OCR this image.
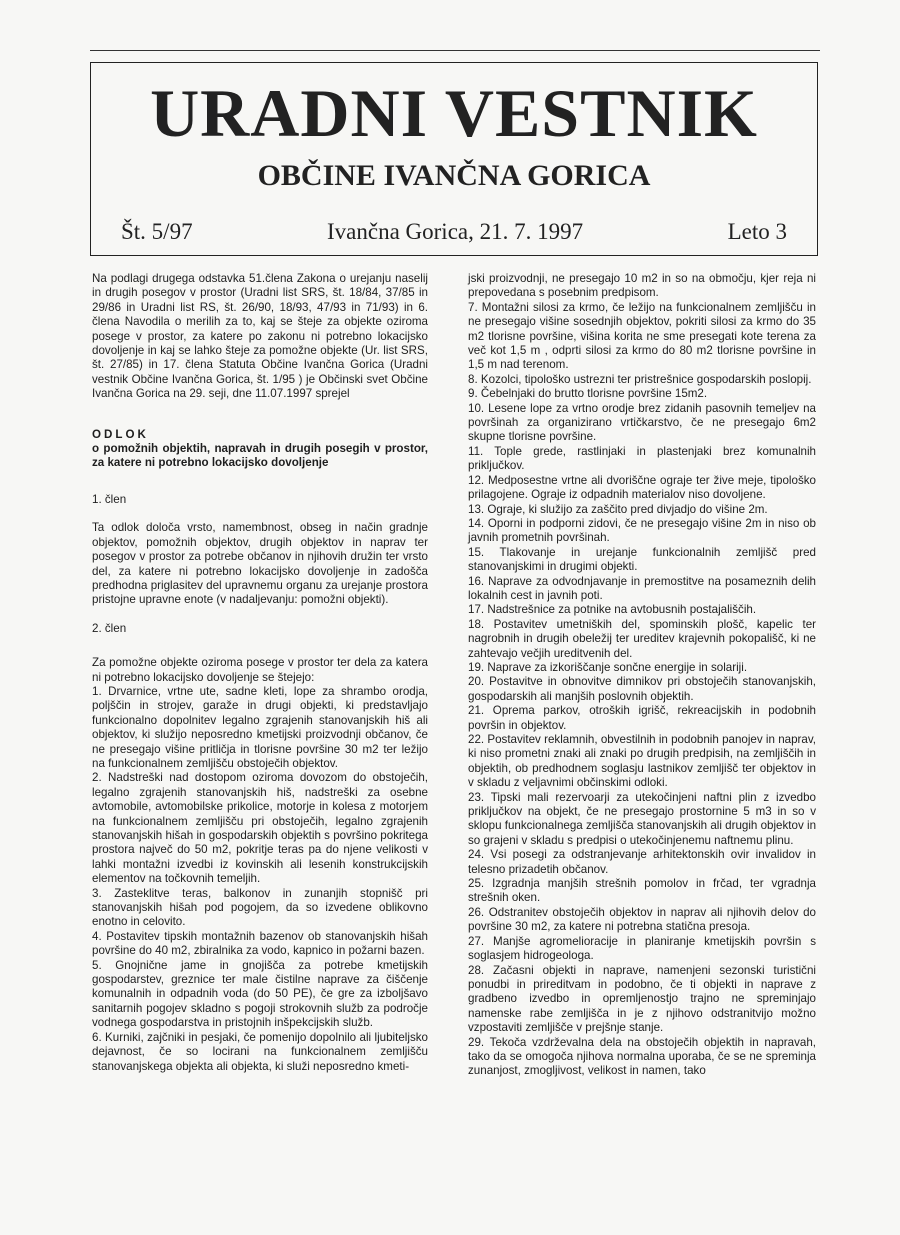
URADNI VESTNIK
OBČINE IVANČNA GORICA
Št. 5/97	Ivančna Gorica, 21. 7. 1997	Leto 3

Na podlagi drugega odstavka 51.člena Zakona o urejanju naselij in drugih posegov v prostor (Uradni list SRS, št. 18/84, 37/85 in 29/86 in Uradni list RS, št. 26/90, 18/93, 47/93 in 71/93) in 6. člena Navodila o merilih za to, kaj se šteje za objekte oziroma posege v prostor, za katere po zakonu ni potrebno lokacijsko dovoljenje in kaj se lahko šteje za pomožne objekte (Ur. list SRS, št. 27/85) in 17. člena Statuta Občine Ivančna Gorica (Uradni vestnik Občine Ivančna Gorica, št. 1/95 ) je Občinski svet Občine Ivančna Gorica na 29. seji, dne 11.07.1997 sprejel

ODLOK

o pomožnih objektih, napravah in drugih posegih v prostor, za katere ni potrebno lokacijsko dovoljenje

1. člen

Ta odlok določa vrsto, namembnost, obseg in način gradnje objektov, pomožnih objektov, drugih objektov in naprav ter posegov v prostor za potrebe občanov in njihovih družin ter vrsto del, za katere ni potrebno lokacijsko dovoljenje in zadošča predhodna priglasitev del upravnemu organu za urejanje prostora pristojne upravne enote (v nadaljevanju: pomožni objekti).

2. člen

Za pomožne objekte oziroma posege v prostor ter dela za katera ni potrebno lokacijsko dovoljenje se štejejo:

1. Drvarnice, vrtne ute, sadne kleti, lope za shrambo orodja, poljščin in strojev, garaže in drugi objekti, ki predstavljajo funkcionalno dopolnitev legalno zgrajenih stanovanjskih hiš ali objektov, ki služijo neposredno kmetijski proizvodnji občanov, če ne presegajo višine pritličja in tlorisne površine 30 m2 ter ležijo na funkcionalnem zemljišču obstoječih objektov.

2. Nadstreški nad dostopom oziroma dovozom do obstoječih, legalno zgrajenih stanovanjskih hiš, nadstreški za osebne avtomobile, avtomobilske prikolice, motorje in kolesa z motorjem na funkcionalnem zemljišču pri obstoječih, legalno zgrajenih stanovanjskih hišah in gospodarskih objektih s površino pokritega prostora največ do 50 m2, pokritje teras pa do njene velikosti v lahki montažni izvedbi iz kovinskih ali lesenih konstrukcijskih elementov na točkovnih temeljih.

3. Zasteklitve teras, balkonov in zunanjih stopnišč pri stanovanjskih hišah pod pogojem, da so izvedene oblikovno enotno in celovito.

4. Postavitev tipskih montažnih bazenov ob stanovanjskih hišah površine do 40 m2, zbiralnika za vodo, kapnico in požarni bazen.

5. Gnojnične jame in gnojišča za potrebe kmetijskih gospodarstev, greznice ter male čistilne naprave za čiščenje komunalnih in odpadnih voda (do 50 PE), če gre za izboljšavo sanitarnih pogojev skladno s pogoji strokovnih služb za področje vodnega gospodarstva in pristojnih inšpekcijskih služb.

6. Kurniki, zajčniki in pesjaki, če pomenijo dopolnilo ali ljubiteljsko dejavnost, če so locirani na funkcionalnem zemljišču stanovanjskega objekta ali objekta, ki služi neposredno kmeti-

jski proizvodnji, ne presegajo 10 m2 in so na območju, kjer reja ni prepovedana s posebnim predpisom.

7. Montažni silosi za krmo, če ležijo na funkcionalnem zemljišču in ne presegajo višine sosednjih objektov, pokriti silosi za krmo do 35 m2 tlorisne površine, višina korita ne sme presegati kote terena za več kot 1,5 m , odprti silosi za krmo do 80 m2 tlorisne površine in 1,5 m nad terenom.

8. Kozolci, tipološko ustrezni ter pristrešnice gospodarskih poslopij.

9. Čebelnjaki do brutto tlorisne površine 15m2.

10. Lesene lope za vrtno orodje brez zidanih pasovnih temeljev na površinah za organizirano vrtičkarstvo, če ne presegajo 6m2 skupne tlorisne površine.

11. Tople grede, rastlinjaki in plastenjaki brez komunalnih priključkov.

12. Medposestne vrtne ali dvoriščne ograje ter žive meje, tipološko prilagojene. Ograje iz odpadnih materialov niso dovoljene.

13. Ograje, ki služijo za zaščito pred divjadjo do višine 2m.

14. Oporni in podporni zidovi, če ne presegajo višine 2m in niso ob javnih prometnih površinah.

15. Tlakovanje in urejanje funkcionalnih zemljišč pred stanovanjskimi in drugimi objekti.

16. Naprave za odvodnjavanje in premostitve na posameznih delih lokalnih cest in javnih poti.

17. Nadstrešnice za potnike na avtobusnih postajališčih.

18. Postavitev umetniških del, spominskih plošč, kapelic ter nagrobnih in drugih obeležij ter ureditev krajevnih pokopališč, ki ne zahtevajo večjih ureditvenih del.

19. Naprave za izkoriščanje sončne energije in solariji.

20. Postavitve in obnovitve dimnikov pri obstoječih stanovanjskih, gospodarskih ali manjših poslovnih objektih.

21. Oprema parkov, otroških igrišč, rekreacijskih in podobnih površin in objektov.

22. Postavitev reklamnih, obvestilnih in podobnih panojev in naprav, ki niso prometni znaki ali znaki po drugih predpisih, na zemljiščih in objektih, ob predhodnem soglasju lastnikov zemljišč ter objektov in v skladu z veljavnimi občinskimi odloki.

23. Tipski mali rezervoarji za utekočinjeni naftni plin z izvedbo priključkov na objekt, če ne presegajo prostornine 5 m3 in so v sklopu funkcionalnega zemljišča stanovanjskih ali drugih objektov in so grajeni v skladu s predpisi o utekočinjenemu naftnemu plinu.

24. Vsi posegi za odstranjevanje arhitektonskih ovir invalidov in telesno prizadetih občanov.

25. Izgradnja manjših strešnih pomolov in frčad, ter vgradnja strešnih oken.

26. Odstranitev obstoječih objektov in naprav ali njihovih delov do površine 30 m2, za katere ni potrebna statična presoja.

27. Manjše agromelioracije in planiranje kmetijskih površin s soglasjem hidrogeologa.

28. Začasni objekti in naprave, namenjeni sezonski turistični ponudbi in prireditvam in podobno, če ti objekti in naprave z gradbeno izvedbo in opremljenostjo trajno ne spreminjajo namenske rabe zemljišča in je z njihovo odstranitvijo možno vzpostaviti zemljišče v prejšnje stanje.

29. Tekoča vzdrževalna dela na obstoječih objektih in napravah, tako da se omogoča njihova normalna uporaba, če se ne spreminja zunanjost, zmogljivost, velikost in namen, tako
